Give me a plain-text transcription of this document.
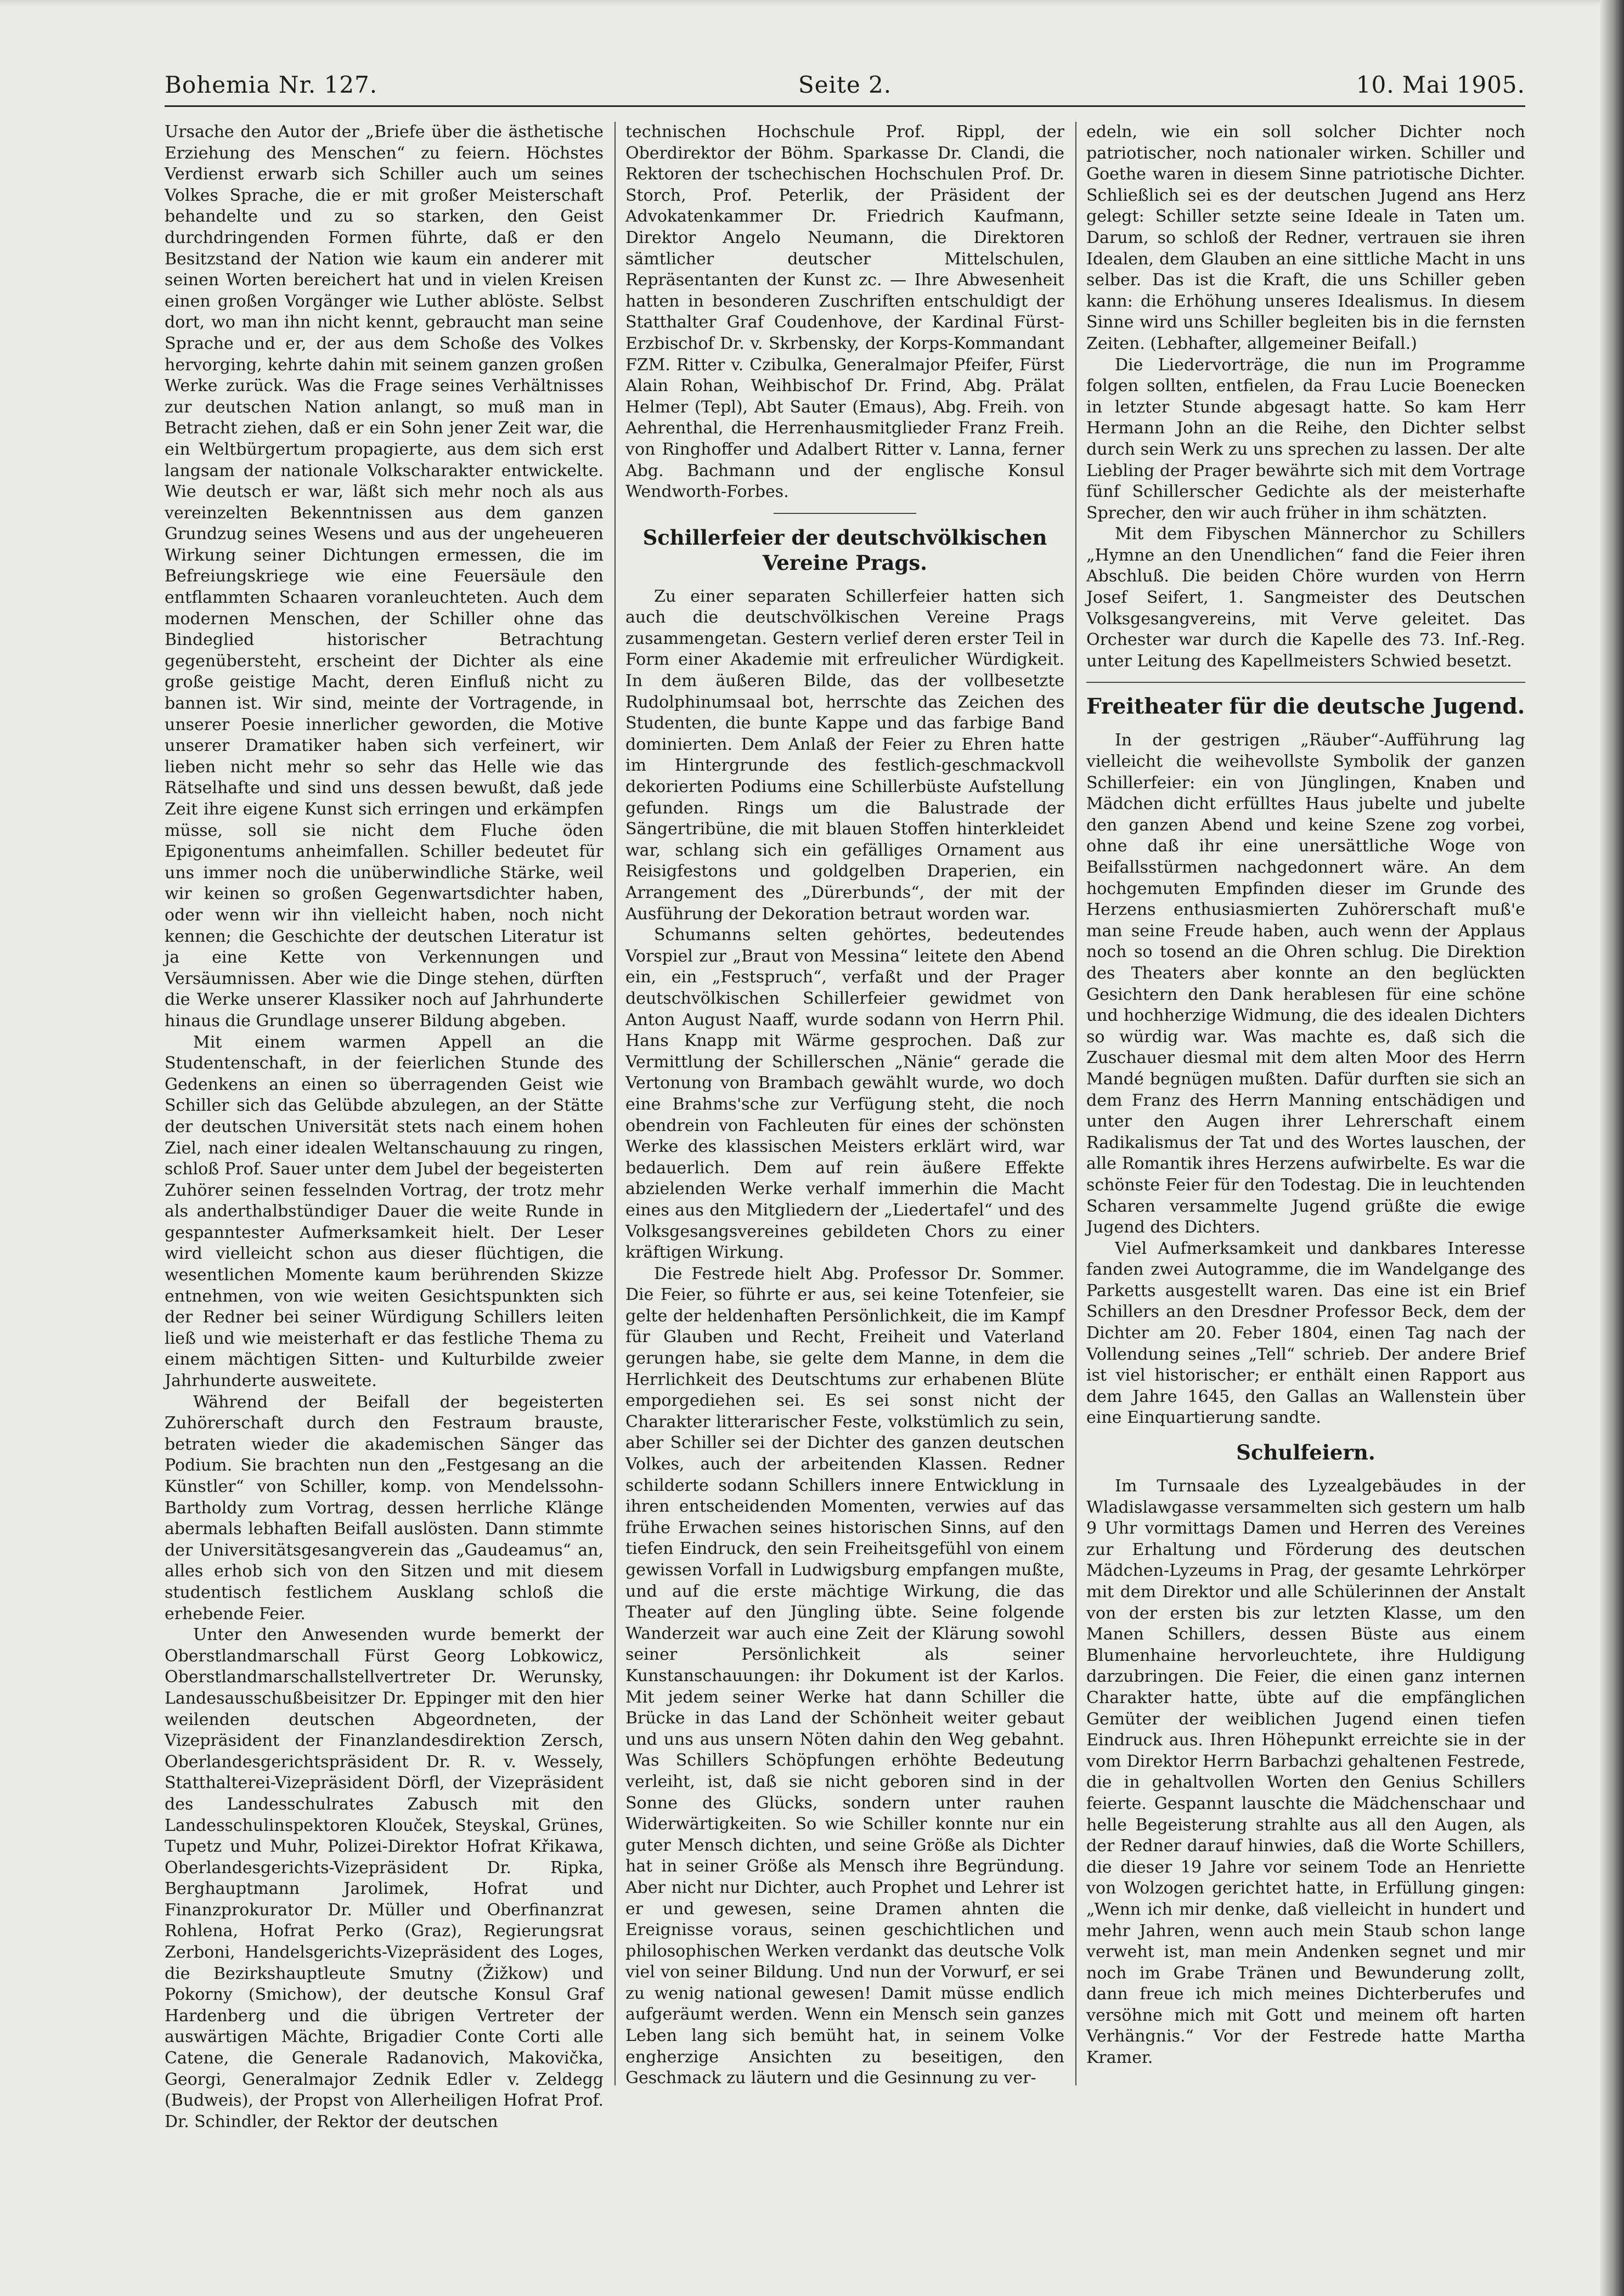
Bohemia Nr. 127.	Seite 2.	10. Mai 1905.

Ursache den Autor der „Briefe über die ästhetische Erziehung des Menschen“ zu feiern. Höchstes Verdienst erwarb sich Schiller auch um seines Volkes Sprache, die er mit großer Meisterschaft behandelte und zu so starken, den Geist durchdringenden Formen führte, daß er den Besitzstand der Nation wie kaum ein anderer mit seinen Worten bereichert hat und in vielen Kreisen einen großen Vorgänger wie Luther ablöste. Selbst dort, wo man ihn nicht kennt, gebraucht man seine Sprache und er, der aus dem Schoße des Volkes hervorging, kehrte dahin mit seinem ganzen großen Werke zurück. Was die Frage seines Verhältnisses zur deutschen Nation anlangt, so muß man in Betracht ziehen, daß er ein Sohn jener Zeit war, die ein Weltbürgertum propagierte, aus dem sich erst langsam der nationale Volkscharakter entwickelte. Wie deutsch er war, läßt sich mehr noch als aus vereinzelten Bekenntnissen aus dem ganzen Grundzug seines Wesens und aus der ungeheueren Wirkung seiner Dichtungen ermessen, die im Befreiungskriege wie eine Feuersäule den entflammten Schaaren voranleuchteten. Auch dem modernen Menschen, der Schiller ohne das Bindeglied historischer Betrachtung gegenübersteht, erscheint der Dichter als eine große geistige Macht, deren Einfluß nicht zu bannen ist. Wir sind, meinte der Vortragende, in unserer Poesie innerlicher geworden, die Motive unserer Dramatiker haben sich verfeinert, wir lieben nicht mehr so sehr das Helle wie das Rätselhafte und sind uns dessen bewußt, daß jede Zeit ihre eigene Kunst sich erringen und erkämpfen müsse, soll sie nicht dem Fluche öden Epigonentums anheimfallen. Schiller bedeutet für uns immer noch die unüberwindliche Stärke, weil wir keinen so großen Gegenwartsdichter haben, oder wenn wir ihn vielleicht haben, noch nicht kennen; die Geschichte der deutschen Literatur ist ja eine Kette von Verkennungen und Versäumnissen. Aber wie die Dinge stehen, dürften die Werke unserer Klassiker noch auf Jahrhunderte hinaus die Grundlage unserer Bildung abgeben.

Mit einem warmen Appell an die Studentenschaft, in der feierlichen Stunde des Gedenkens an einen so überragenden Geist wie Schiller sich das Gelübde abzulegen, an der Stätte der deutschen Universität stets nach einem hohen Ziel, nach einer idealen Weltanschauung zu ringen, schloß Prof. Sauer unter dem Jubel der begeisterten Zuhörer seinen fesselnden Vortrag, der trotz mehr als anderthalbstündiger Dauer die weite Runde in gespanntester Aufmerksamkeit hielt. Der Leser wird vielleicht schon aus dieser flüchtigen, die wesentlichen Momente kaum berührenden Skizze entnehmen, von wie weiten Gesichtspunkten sich der Redner bei seiner Würdigung Schillers leiten ließ und wie meisterhaft er das festliche Thema zu einem mächtigen Sitten- und Kulturbilde zweier Jahrhunderte ausweitete.

Während der Beifall der begeisterten Zuhörerschaft durch den Festraum brauste, betraten wieder die akademischen Sänger das Podium. Sie brachten nun den „Festgesang an die Künstler“ von Schiller, komp. von Mendelssohn-Bartholdy zum Vortrag, dessen herrliche Klänge abermals lebhaften Beifall auslösten. Dann stimmte der Universitätsgesangverein das „Gaudeamus“ an, alles erhob sich von den Sitzen und mit diesem studentisch festlichem Ausklang schloß die erhebende Feier.

Unter den Anwesenden wurde bemerkt der Oberstlandmarschall Fürst Georg Lobkowicz, Oberstlandmarschallstellvertreter Dr. Werunsky, Landesausschußbeisitzer Dr. Eppinger mit den hier weilenden deutschen Abgeordneten, der Vizepräsident der Finanzlandesdirektion Zersch, Oberlandesgerichtspräsident Dr. R. v. Wessely, Statthalterei-Vizepräsident Dörfl, der Vizepräsident des Landesschulrates Zabusch mit den Landesschulinspektoren Klouček, Steyskal, Grünes, Tupetz und Muhr, Polizei-Direktor Hofrat Křikawa, Oberlandesgerichts-Vizepräsident Dr. Ripka, Berghauptmann Jarolimek, Hofrat und Finanzprokurator Dr. Müller und Oberfinanzrat Rohlena, Hofrat Perko (Graz), Regierungsrat Zerboni, Handelsgerichts-Vizepräsident des Loges, die Bezirkshauptleute Smutny (Žižkow) und Pokorny (Smichow), der deutsche Konsul Graf Hardenberg und die übrigen Vertreter der auswärtigen Mächte, Brigadier Conte Corti alle Catene, die Generale Radanovich, Makovička, Georgi, Generalmajor Zednik Edler v. Zeldegg (Budweis), der Propst von Allerheiligen Hofrat Prof. Dr. Schindler, der Rektor der deutschen

technischen Hochschule Prof. Rippl, der Oberdirektor der Böhm. Sparkasse Dr. Clandi, die Rektoren der tschechischen Hochschulen Prof. Dr. Storch, Prof. Peterlik, der Präsident der Advokatenkammer Dr. Friedrich Kaufmann, Direktor Angelo Neumann, die Direktoren sämtlicher deutscher Mittelschulen, Repräsentanten der Kunst zc. — Ihre Abwesenheit hatten in besonderen Zuschriften entschuldigt der Statthalter Graf Coudenhove, der Kardinal Fürst-Erzbischof Dr. v. Skrbensky, der Korps-Kommandant FZM. Ritter v. Czibulka, Generalmajor Pfeifer, Fürst Alain Rohan, Weihbischof Dr. Frind, Abg. Prälat Helmer (Tepl), Abt Sauter (Emaus), Abg. Freih. von Aehrenthal, die Herrenhausmitglieder Franz Freih. von Ringhoffer und Adalbert Ritter v. Lanna, ferner Abg. Bachmann und der englische Konsul Wendworth-Forbes.

Schillerfeier der deutschvölkischen Vereine Prags.

Zu einer separaten Schillerfeier hatten sich auch die deutschvölkischen Vereine Prags zusammengetan. Gestern verlief deren erster Teil in Form einer Akademie mit erfreulicher Würdigkeit. In dem äußeren Bilde, das der vollbesetzte Rudolphinumsaal bot, herrschte das Zeichen des Studenten, die bunte Kappe und das farbige Band dominierten. Dem Anlaß der Feier zu Ehren hatte im Hintergrunde des festlich-geschmackvoll dekorierten Podiums eine Schillerbüste Aufstellung gefunden. Rings um die Balustrade der Sängertribüne, die mit blauen Stoffen hinterkleidet war, schlang sich ein gefälliges Ornament aus Reisigfestons und goldgelben Draperien, ein Arrangement des „Dürerbunds“, der mit der Ausführung der Dekoration betraut worden war.

Schumanns selten gehörtes, bedeutendes Vorspiel zur „Braut von Messina“ leitete den Abend ein, ein „Festspruch“, verfaßt und der Prager deutschvölkischen Schillerfeier gewidmet von Anton August Naaff, wurde sodann von Herrn Phil. Hans Knapp mit Wärme gesprochen. Daß zur Vermittlung der Schillerschen „Nänie“ gerade die Vertonung von Brambach gewählt wurde, wo doch eine Brahms'sche zur Verfügung steht, die noch obendrein von Fachleuten für eines der schönsten Werke des klassischen Meisters erklärt wird, war bedauerlich. Dem auf rein äußere Effekte abzielenden Werke verhalf immerhin die Macht eines aus den Mitgliedern der „Liedertafel“ und des Volksgesangsvereines gebildeten Chors zu einer kräftigen Wirkung.

Die Festrede hielt Abg. Professor Dr. Sommer. Die Feier, so führte er aus, sei keine Totenfeier, sie gelte der heldenhaften Persönlichkeit, die im Kampf für Glauben und Recht, Freiheit und Vaterland gerungen habe, sie gelte dem Manne, in dem die Herrlichkeit des Deutschtums zur erhabenen Blüte emporgediehen sei. Es sei sonst nicht der Charakter litterarischer Feste, volkstümlich zu sein, aber Schiller sei der Dichter des ganzen deutschen Volkes, auch der arbeitenden Klassen. Redner schilderte sodann Schillers innere Entwicklung in ihren entscheidenden Momenten, verwies auf das frühe Erwachen seines historischen Sinns, auf den tiefen Eindruck, den sein Freiheitsgefühl von einem gewissen Vorfall in Ludwigsburg empfangen mußte, und auf die erste mächtige Wirkung, die das Theater auf den Jüngling übte. Seine folgende Wanderzeit war auch eine Zeit der Klärung sowohl seiner Persönlichkeit als seiner Kunstanschauungen: ihr Dokument ist der Karlos. Mit jedem seiner Werke hat dann Schiller die Brücke in das Land der Schönheit weiter gebaut und uns aus unsern Nöten dahin den Weg gebahnt. Was Schillers Schöpfungen erhöhte Bedeutung verleiht, ist, daß sie nicht geboren sind in der Sonne des Glücks, sondern unter rauhen Widerwärtigkeiten. So wie Schiller konnte nur ein guter Mensch dichten, und seine Größe als Dichter hat in seiner Größe als Mensch ihre Begründung. Aber nicht nur Dichter, auch Prophet und Lehrer ist er und gewesen, seine Dramen ahnten die Ereignisse voraus, seinen geschichtlichen und philosophischen Werken verdankt das deutsche Volk viel von seiner Bildung. Und nun der Vorwurf, er sei zu wenig national gewesen! Damit müsse endlich aufgeräumt werden. Wenn ein Mensch sein ganzes Leben lang sich bemüht hat, in seinem Volke engherzige Ansichten zu beseitigen, den Geschmack zu läutern und die Gesinnung zu ver-

edeln, wie ein soll solcher Dichter noch patriotischer, noch nationaler wirken. Schiller und Goethe waren in diesem Sinne patriotische Dichter. Schließlich sei es der deutschen Jugend ans Herz gelegt: Schiller setzte seine Ideale in Taten um. Darum, so schloß der Redner, vertrauen sie ihren Idealen, dem Glauben an eine sittliche Macht in uns selber. Das ist die Kraft, die uns Schiller geben kann: die Erhöhung unseres Idealismus. In diesem Sinne wird uns Schiller begleiten bis in die fernsten Zeiten. (Lebhafter, allgemeiner Beifall.)

Die Liedervorträge, die nun im Programme folgen sollten, entfielen, da Frau Lucie Boenecken in letzter Stunde abgesagt hatte. So kam Herr Hermann John an die Reihe, den Dichter selbst durch sein Werk zu uns sprechen zu lassen. Der alte Liebling der Prager bewährte sich mit dem Vortrage fünf Schillerscher Gedichte als der meisterhafte Sprecher, den wir auch früher in ihm schätzten.

Mit dem Fibyschen Männerchor zu Schillers „Hymne an den Unendlichen“ fand die Feier ihren Abschluß. Die beiden Chöre wurden von Herrn Josef Seifert, 1. Sangmeister des Deutschen Volksgesangvereins, mit Verve geleitet. Das Orchester war durch die Kapelle des 73. Inf.-Reg. unter Leitung des Kapellmeisters Schwied besetzt.

Freitheater für die deutsche Jugend.

In der gestrigen „Räuber“-Aufführung lag vielleicht die weihevollste Symbolik der ganzen Schillerfeier: ein von Jünglingen, Knaben und Mädchen dicht erfülltes Haus jubelte und jubelte den ganzen Abend und keine Szene zog vorbei, ohne daß ihr eine unersättliche Woge von Beifallsstürmen nachgedonnert wäre. An dem hochgemuten Empfinden dieser im Grunde des Herzens enthusiasmierten Zuhörerschaft muß'e man seine Freude haben, auch wenn der Applaus noch so tosend an die Ohren schlug. Die Direktion des Theaters aber konnte an den beglückten Gesichtern den Dank herablesen für eine schöne und hochherzige Widmung, die des idealen Dichters so würdig war. Was machte es, daß sich die Zuschauer diesmal mit dem alten Moor des Herrn Mandé begnügen mußten. Dafür durften sie sich an dem Franz des Herrn Manning entschädigen und unter den Augen ihrer Lehrerschaft einem Radikalismus der Tat und des Wortes lauschen, der alle Romantik ihres Herzens aufwirbelte. Es war die schönste Feier für den Todestag. Die in leuchtenden Scharen versammelte Jugend grüßte die ewige Jugend des Dichters.

Viel Aufmerksamkeit und dankbares Interesse fanden zwei Autogramme, die im Wandelgange des Parketts ausgestellt waren. Das eine ist ein Brief Schillers an den Dresdner Professor Beck, dem der Dichter am 20. Feber 1804, einen Tag nach der Vollendung seines „Tell“ schrieb. Der andere Brief ist viel historischer; er enthält einen Rapport aus dem Jahre 1645, den Gallas an Wallenstein über eine Einquartierung sandte.

Schulfeiern.

Im Turnsaale des Lyzealgebäudes in der Wladislawgasse versammelten sich gestern um halb 9 Uhr vormittags Damen und Herren des Vereines zur Erhaltung und Förderung des deutschen Mädchen-Lyzeums in Prag, der gesamte Lehrkörper mit dem Direktor und alle Schülerinnen der Anstalt von der ersten bis zur letzten Klasse, um den Manen Schillers, dessen Büste aus einem Blumenhaine hervorleuchtete, ihre Huldigung darzubringen. Die Feier, die einen ganz internen Charakter hatte, übte auf die empfänglichen Gemüter der weiblichen Jugend einen tiefen Eindruck aus. Ihren Höhepunkt erreichte sie in der vom Direktor Herrn Barbachzi gehaltenen Festrede, die in gehaltvollen Worten den Genius Schillers feierte. Gespannt lauschte die Mädchenschaar und helle Begeisterung strahlte aus all den Augen, als der Redner darauf hinwies, daß die Worte Schillers, die dieser 19 Jahre vor seinem Tode an Henriette von Wolzogen gerichtet hatte, in Erfüllung gingen: „Wenn ich mir denke, daß vielleicht in hundert und mehr Jahren, wenn auch mein Staub schon lange verweht ist, man mein Andenken segnet und mir noch im Grabe Tränen und Bewunderung zollt, dann freue ich mich meines Dichterberufes und versöhne mich mit Gott und meinem oft harten Verhängnis.“ Vor der Festrede hatte Martha Kramer.
